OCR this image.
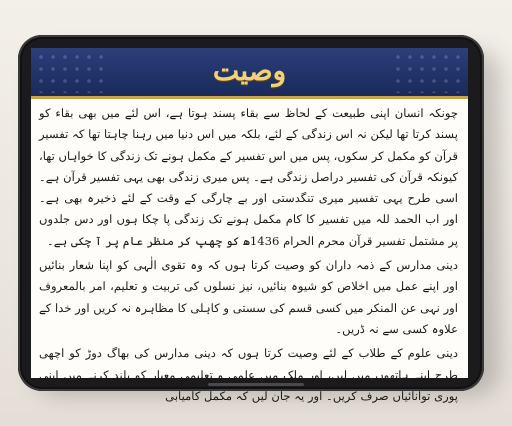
وصیت

چونکہ انسان اپنی طبیعت کے لحاظ سے بقاء پسند ہوتا ہے، اس لئے میں بھی بقاء کو پسند کرتا تھا لیکن نہ اس زندگی کے لئے، بلکہ میں اس دنیا میں رہنا چاہتا تھا کہ تفسیر قرآن کو مکمل کر سکوں، پس میں اس تفسیر کے مکمل ہونے تک زندگی کا خواہاں تھا، کیونکہ قرآن کی تفسیر دراصل زندگی ہے۔ پس میری زندگی بھی یہی تفسیر قرآن ہے۔ اسی طرح یہی تفسیر میری تنگدستی اور بے چارگی کے وقت کے لئے ذخیرہ بھی ہے۔ اور اب الحمد للہ میں تفسیر کا کام مکمل ہونے تک زندگی پا چکا ہوں اور دس جلدوں پر مشتمل تفسیر قرآن محرم الحرام 1436ھ کو چھپ کر منظر عام پر آ چکی ہے۔

دینی مدارس کے ذمہ داران کو وصیت کرتا ہوں کہ وہ تقوی الٰہی کو اپنا شعار بنائیں اور اپنے عمل میں اخلاص کو شیوہ بنائیں، نیز نسلوں کی تربیت و تعلیم، امر بالمعروف اور نہی عن المنکر میں کسی قسم کی سستی و کاہلی کا مظاہرہ نہ کریں اور خدا کے علاوہ کسی سے نہ ڈریں۔

دینی علوم کے طلاب کے لئے وصیت کرتا ہوں کہ دینی مدارس کی بھاگ دوڑ کو اچھی طرح اپنے ہاتھوں میں لیں، اور ملک میں علمی و تعلیمی معیار کو بلند کرنے میں اپنی پوری توانائیاں صرف کریں۔ اور یہ جان لیں کہ مکمل کامیابی
